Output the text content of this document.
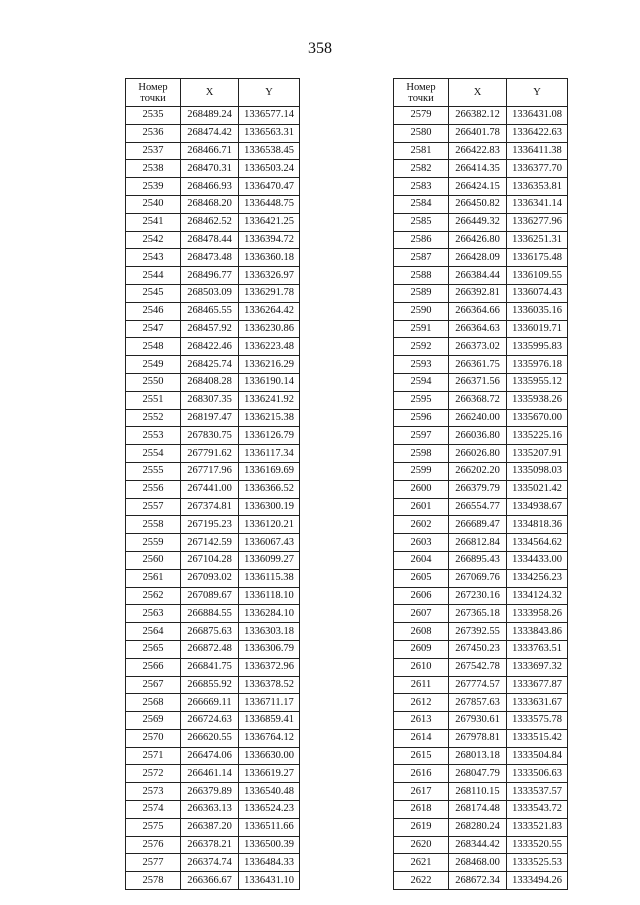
358
Номер
точки	X	Y
2535	268489.24	1336577.14
2536	268474.42	1336563.31
2537	268466.71	1336538.45
2538	268470.31	1336503.24
2539	268466.93	1336470.47
2540	268468.20	1336448.75
2541	268462.52	1336421.25
2542	268478.44	1336394.72
2543	268473.48	1336360.18
2544	268496.77	1336326.97
2545	268503.09	1336291.78
2546	268465.55	1336264.42
2547	268457.92	1336230.86
2548	268422.46	1336223.48
2549	268425.74	1336216.29
2550	268408.28	1336190.14
2551	268307.35	1336241.92
2552	268197.47	1336215.38
2553	267830.75	1336126.79
2554	267791.62	1336117.34
2555	267717.96	1336169.69
2556	267441.00	1336366.52
2557	267374.81	1336300.19
2558	267195.23	1336120.21
2559	267142.59	1336067.43
2560	267104.28	1336099.27
2561	267093.02	1336115.38
2562	267089.67	1336118.10
2563	266884.55	1336284.10
2564	266875.63	1336303.18
2565	266872.48	1336306.79
2566	266841.75	1336372.96
2567	266855.92	1336378.52
2568	266669.11	1336711.17
2569	266724.63	1336859.41
2570	266620.55	1336764.12
2571	266474.06	1336630.00
2572	266461.14	1336619.27
2573	266379.89	1336540.48
2574	266363.13	1336524.23
2575	266387.20	1336511.66
2576	266378.21	1336500.39
2577	266374.74	1336484.33
2578	266366.67	1336431.10
Номер
точки	X	Y
2579	266382.12	1336431.08
2580	266401.78	1336422.63
2581	266422.83	1336411.38
2582	266414.35	1336377.70
2583	266424.15	1336353.81
2584	266450.82	1336341.14
2585	266449.32	1336277.96
2586	266426.80	1336251.31
2587	266428.09	1336175.48
2588	266384.44	1336109.55
2589	266392.81	1336074.43
2590	266364.66	1336035.16
2591	266364.63	1336019.71
2592	266373.02	1335995.83
2593	266361.75	1335976.18
2594	266371.56	1335955.12
2595	266368.72	1335938.26
2596	266240.00	1335670.00
2597	266036.80	1335225.16
2598	266026.80	1335207.91
2599	266202.20	1335098.03
2600	266379.79	1335021.42
2601	266554.77	1334938.67
2602	266689.47	1334818.36
2603	266812.84	1334564.62
2604	266895.43	1334433.00
2605	267069.76	1334256.23
2606	267230.16	1334124.32
2607	267365.18	1333958.26
2608	267392.55	1333843.86
2609	267450.23	1333763.51
2610	267542.78	1333697.32
2611	267774.57	1333677.87
2612	267857.63	1333631.67
2613	267930.61	1333575.78
2614	267978.81	1333515.42
2615	268013.18	1333504.84
2616	268047.79	1333506.63
2617	268110.15	1333537.57
2618	268174.48	1333543.72
2619	268280.24	1333521.83
2620	268344.42	1333520.55
2621	268468.00	1333525.53
2622	268672.34	1333494.26
